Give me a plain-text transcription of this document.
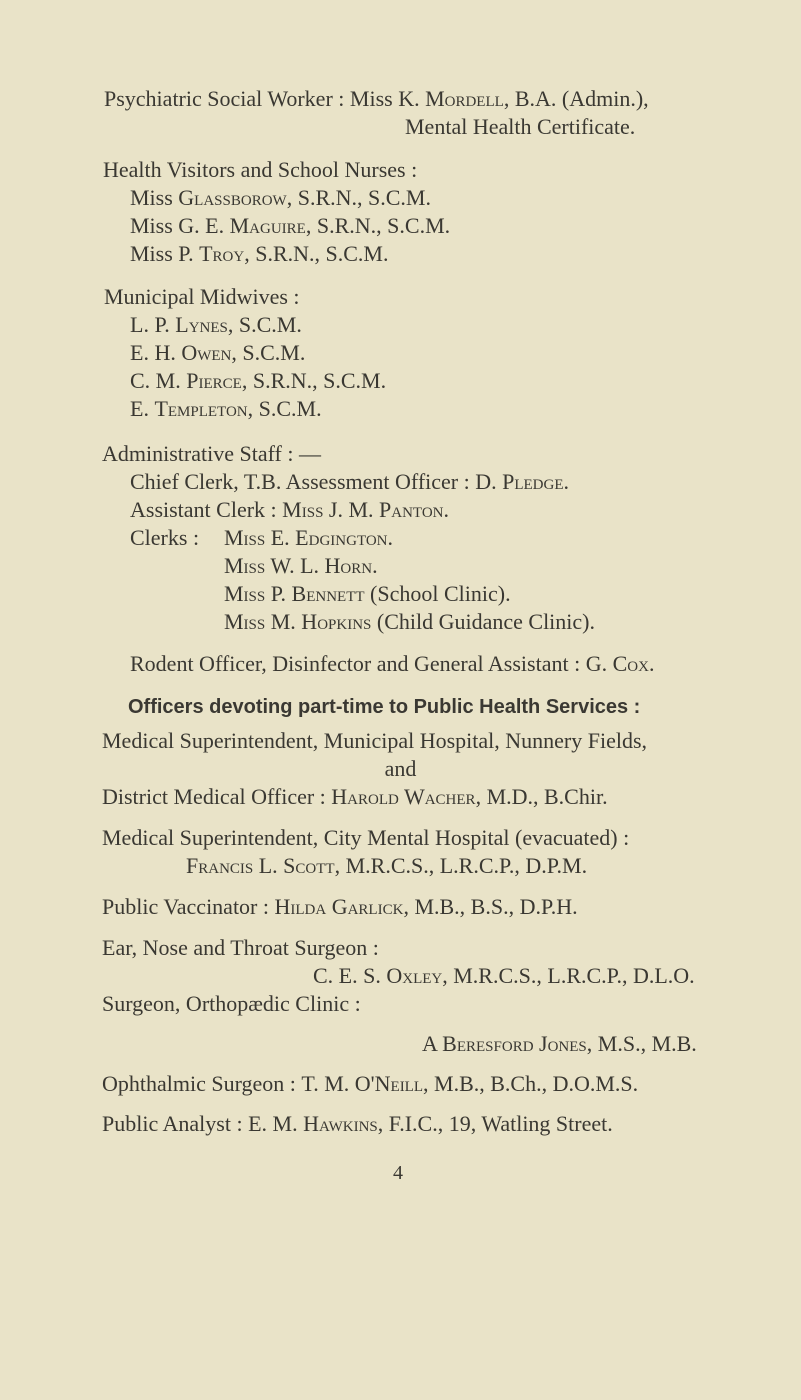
Psychiatric Social Worker : Miss K. Mordell, B.A. (Admin.),
Mental Health Certificate.
Health Visitors and School Nurses :
Miss Glassborow, S.R.N., S.C.M.
Miss G. E. Maguire, S.R.N., S.C.M.
Miss P. Troy, S.R.N., S.C.M.
Municipal Midwives :
L. P. Lynes, S.C.M.
E. H. Owen, S.C.M.
C. M. Pierce, S.R.N., S.C.M.
E. Templeton, S.C.M.
Administrative Staff : —
Chief Clerk, T.B. Assessment Officer : D. Pledge.
Assistant Clerk : Miss J. M. Panton.
Clerks : Miss E. Edgington.
Miss W. L. Horn.
Miss P. Bennett (School Clinic).
Miss M. Hopkins (Child Guidance Clinic).
Rodent Officer, Disinfector and General Assistant : G. Cox.
Officers devoting part-time to Public Health Services :
Medical Superintendent, Municipal Hospital, Nunnery Fields,
and
District Medical Officer : Harold Wacher, M.D., B.Chir.
Medical Superintendent, City Mental Hospital (evacuated) :
Francis L. Scott, M.R.C.S., L.R.C.P., D.P.M.
Public Vaccinator : Hilda Garlick, M.B., B.S., D.P.H.
Ear, Nose and Throat Surgeon :
C. E. S. Oxley, M.R.C.S., L.R.C.P., D.L.O.
Surgeon, Orthopædic Clinic :
A Beresford Jones, M.S., M.B.
Ophthalmic Surgeon : T. M. O'Neill, M.B., B.Ch., D.O.M.S.
Public Analyst : E. M. Hawkins, F.I.C., 19, Watling Street.
4
